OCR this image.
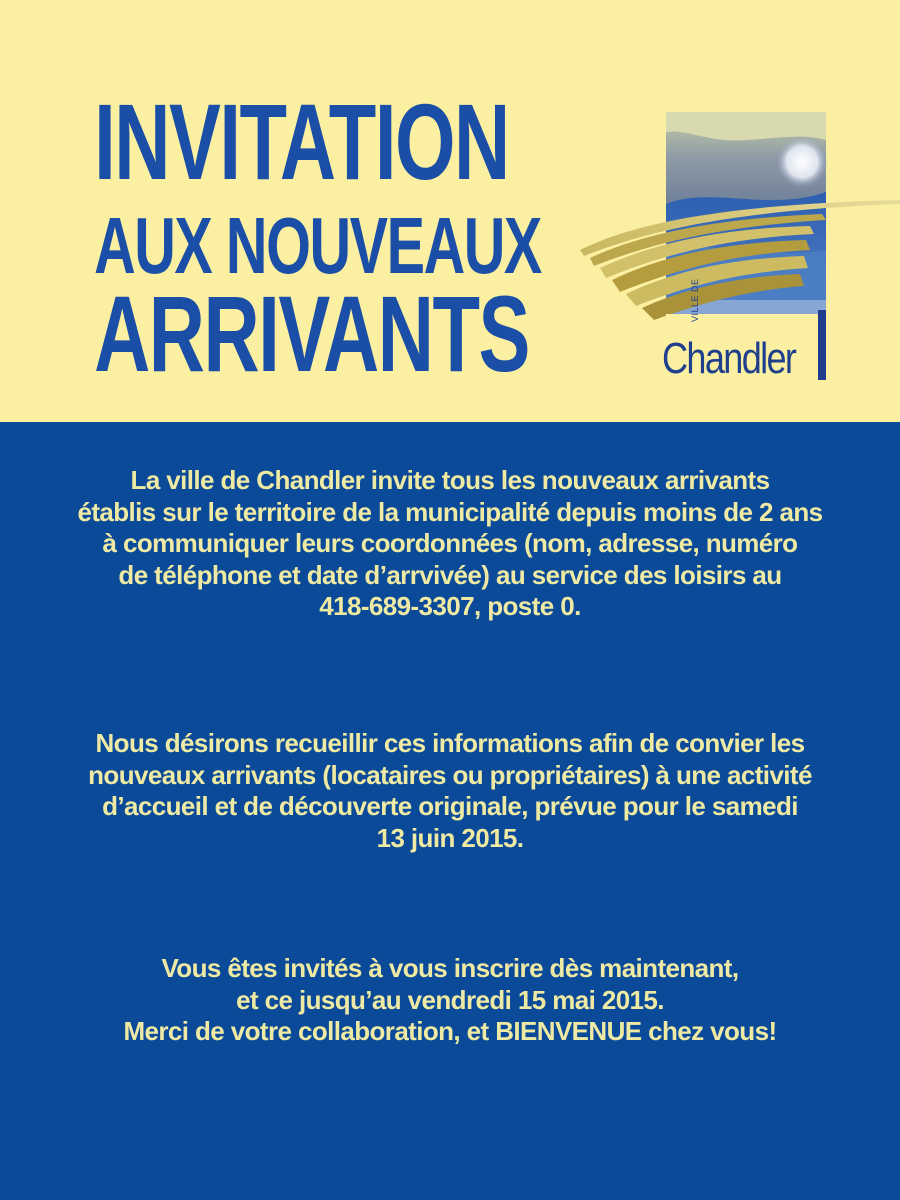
INVITATION
AUX NOUVEAUX
ARRIVANTS	VILLE DE
Chandler
La ville de Chandler invite tous les nouveaux arrivants
établis sur le territoire de la municipalité depuis moins de 2 ans
à communiquer leurs coordonnées (nom, adresse, numéro
de téléphone et date d’arrvivée) au service des loisirs au
418-689-3307, poste 0.
Nous désirons recueillir ces informations afin de convier les
nouveaux arrivants (locataires ou propriétaires) à une activité
d’accueil et de découverte originale, prévue pour le samedi
13 juin 2015.
Vous êtes invités à vous inscrire dès maintenant,
et ce jusqu’au vendredi 15 mai 2015.
Merci de votre collaboration, et BIENVENUE chez vous!
